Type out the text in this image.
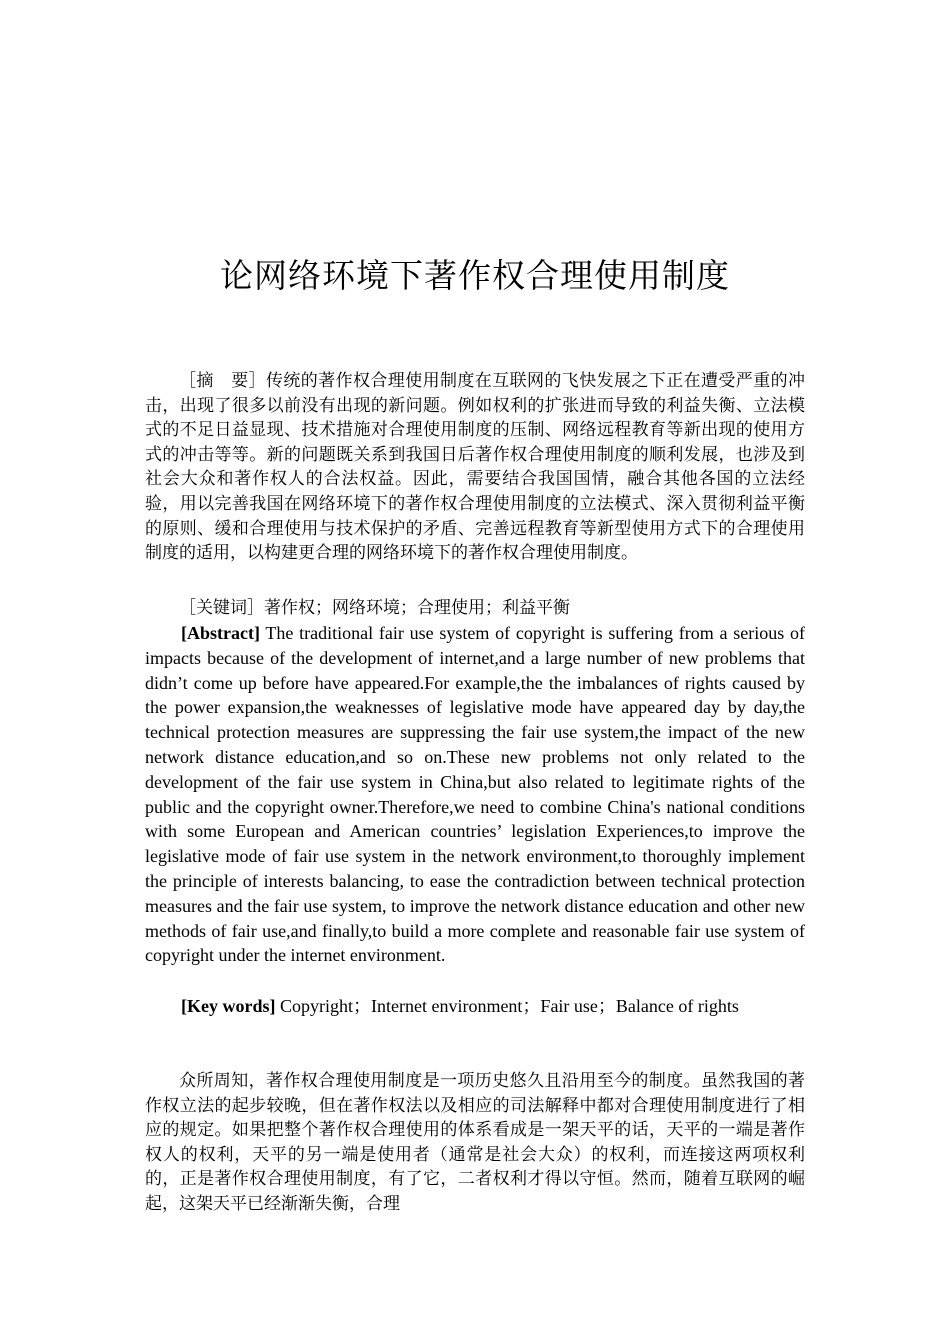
论网络环境下著作权合理使用制度

［摘　要］传统的著作权合理使用制度在互联网的飞快发展之下正在遭受严重的冲击，出现了很多以前没有出现的新问题。例如权利的扩张进而导致的利益失衡、立法模式的不足日益显现、技术措施对合理使用制度的压制、网络远程教育等新出现的使用方式的冲击等等。新的问题既关系到我国日后著作权合理使用制度的顺利发展，也涉及到社会大众和著作权人的合法权益。因此，需要结合我国国情，融合其他各国的立法经验，用以完善我国在网络环境下的著作权合理使用制度的立法模式、深入贯彻利益平衡的原则、缓和合理使用与技术保护的矛盾、完善远程教育等新型使用方式下的合理使用制度的适用，以构建更合理的网络环境下的著作权合理使用制度。

［关键词］著作权；网络环境；合理使用；利益平衡

[Abstract] The traditional fair use system of copyright is suffering from a serious of impacts because of the development of internet,and a large number of new problems that didn’t come up before have appeared.For example,the the imbalances of rights caused by the power expansion,the weaknesses of legislative mode have appeared day by day,the technical protection measures are suppressing the fair use system,the impact of the new network distance education,and so on.These new problems not only related to the development of the fair use system in China,but also related to legitimate rights of the public and the copyright owner.Therefore,we need to combine China's national conditions with some European and American countries’ legislation Experiences,to improve the legislative mode of fair use system in the network environment,to thoroughly implement the principle of interests balancing, to ease the contradiction between technical protection measures and the fair use system, to improve the network distance education and other new methods of fair use,and finally,to build a more complete and reasonable fair use system of copyright under the internet environment.

[Key words] Copyright；Internet environment；Fair use；Balance of rights

众所周知，著作权合理使用制度是一项历史悠久且沿用至今的制度。虽然我国的著作权立法的起步较晚，但在著作权法以及相应的司法解释中都对合理使用制度进行了相应的规定。如果把整个著作权合理使用的体系看成是一架天平的话，天平的一端是著作权人的权利，天平的另一端是使用者（通常是社会大众）的权利，而连接这两项权利的，正是著作权合理使用制度，有了它，二者权利才得以守恒。然而，随着互联网的崛起，这架天平已经渐渐失衡，合理
